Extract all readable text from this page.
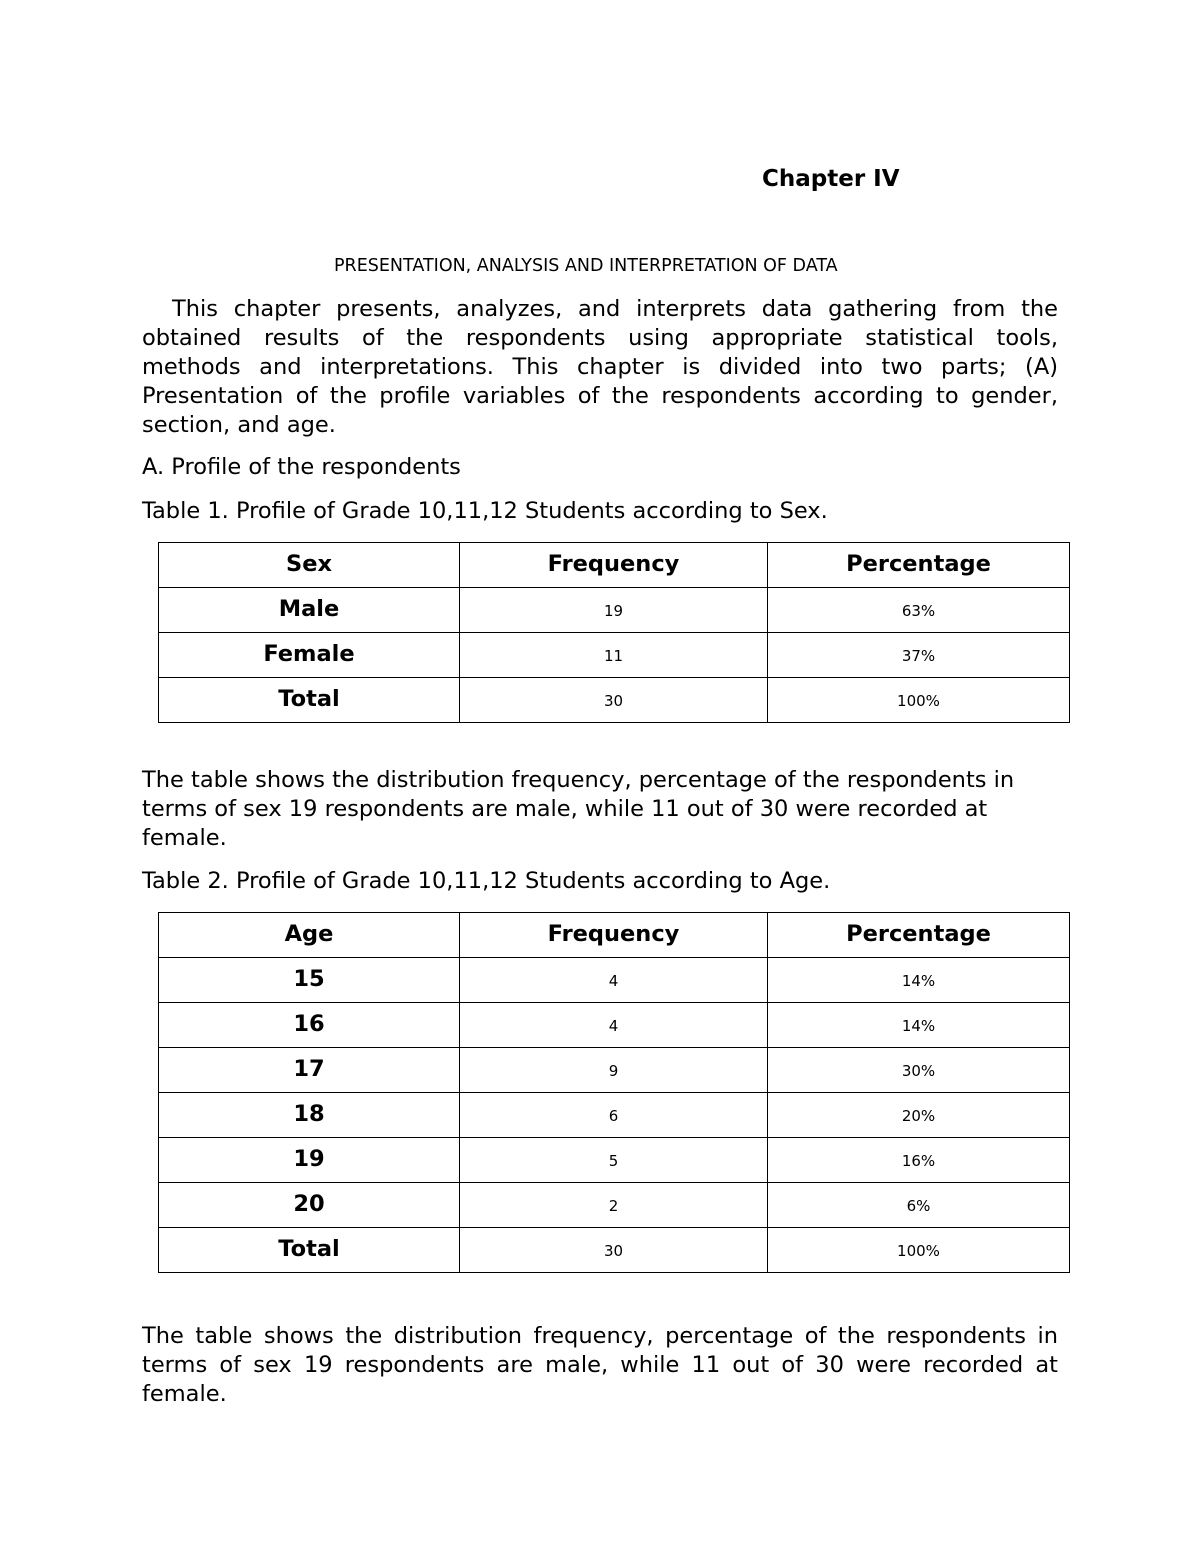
Chapter IV
PRESENTATION, ANALYSIS AND INTERPRETATION OF DATA
This chapter presents, analyzes, and interprets data gathering from the
obtained results of the respondents using appropriate statistical tools,
methods and interpretations. This chapter is divided into two parts; (A)
Presentation of the profile variables of the respondents according to gender,
section, and age.
A. Profile of the respondents
Table 1. Profile of Grade 10,11,12 Students according to Sex.
Sex	Frequency	Percentage
Male	19	63%
Female	11	37%
Total	30	100%
The table shows the distribution frequency, percentage of the respondents in
terms of sex 19 respondents are male, while 11 out of 30 were recorded at
female.
Table 2. Profile of Grade 10,11,12 Students according to Age.
Age	Frequency	Percentage
15	4	14%
16	4	14%
17	9	30%
18	6	20%
19	5	16%
20	2	6%
Total	30	100%
The table shows the distribution frequency, percentage of the respondents in
terms of sex 19 respondents are male, while 11 out of 30 were recorded at
female.
